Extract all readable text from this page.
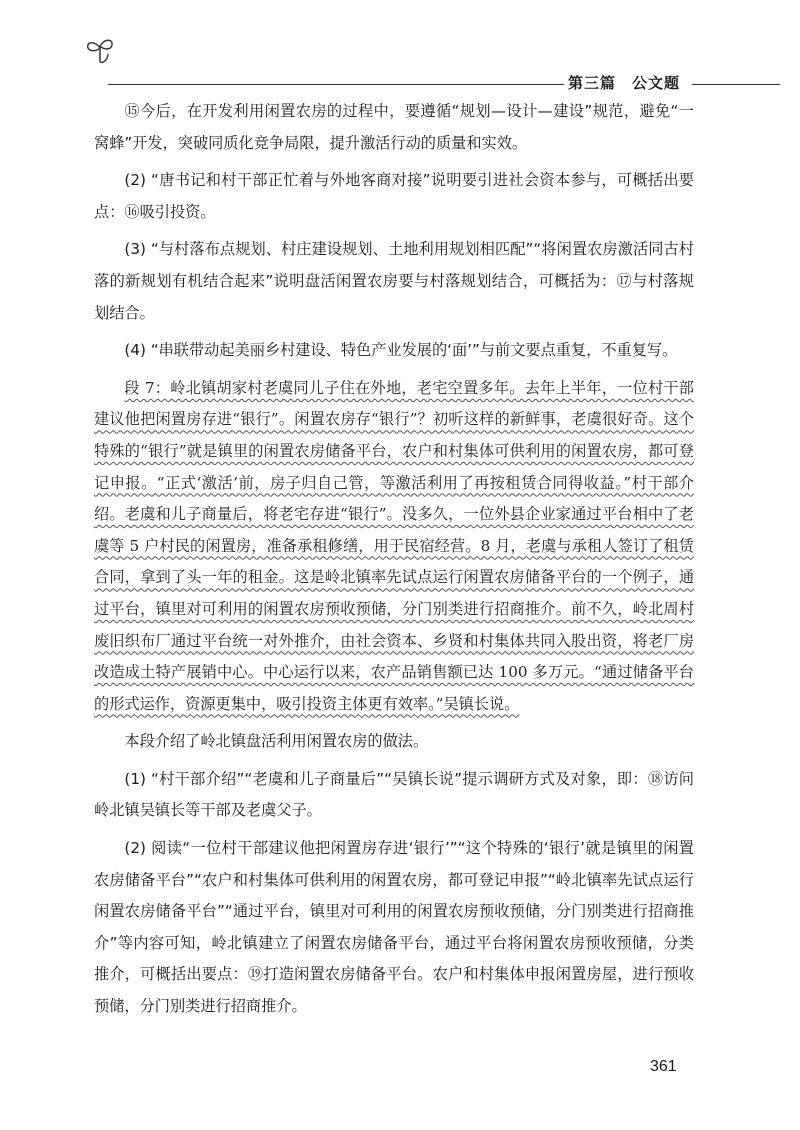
第三篇　公文题

⑮今后，在开发利用闲置农房的过程中，要遵循“规划—设计—建设”规范，避免“一窝蜂”开发，突破同质化竞争局限，提升激活行动的质量和实效。

(2) “唐书记和村干部正忙着与外地客商对接”说明要引进社会资本参与，可概括出要点：⑯吸引投资。

(3) “与村落布点规划、村庄建设规划、土地利用规划相匹配”“将闲置农房激活同古村落的新规划有机结合起来”说明盘活闲置农房要与村落规划结合，可概括为：⑰与村落规划结合。

(4) “串联带动起美丽乡村建设、特色产业发展的‘面’”与前文要点重复，不重复写。

段 7：岭北镇胡家村老虞同儿子住在外地，老宅空置多年。去年上半年，一位村干部建议他把闲置房存进“银行”。闲置农房存“银行”？初听这样的新鲜事，老虞很好奇。这个特殊的“银行”就是镇里的闲置农房储备平台，农户和村集体可供利用的闲置农房，都可登记申报。“正式‘激活’前，房子归自己管，等激活利用了再按租赁合同得收益。”村干部介绍。老虞和儿子商量后，将老宅存进“银行”。没多久，一位外县企业家通过平台相中了老虞等 5 户村民的闲置房，准备承租修缮，用于民宿经营。8 月，老虞与承租人签订了租赁合同，拿到了头一年的租金。这是岭北镇率先试点运行闲置农房储备平台的一个例子，通过平台，镇里对可利用的闲置农房预收预储，分门别类进行招商推介。前不久，岭北周村废旧织布厂通过平台统一对外推介，由社会资本、乡贤和村集体共同入股出资，将老厂房改造成土特产展销中心。中心运行以来，农产品销售额已达 100 多万元。“通过储备平台的形式运作，资源更集中，吸引投资主体更有效率。”吴镇长说。

本段介绍了岭北镇盘活利用闲置农房的做法。

(1) “村干部介绍”“老虞和儿子商量后”“吴镇长说”提示调研方式及对象，即：⑱访问岭北镇吴镇长等干部及老虞父子。

(2) 阅读“一位村干部建议他把闲置房存进‘银行’”“这个特殊的‘银行’就是镇里的闲置农房储备平台”“农户和村集体可供利用的闲置农房，都可登记申报”“岭北镇率先试点运行闲置农房储备平台”“通过平台，镇里对可利用的闲置农房预收预储，分门别类进行招商推介”等内容可知，岭北镇建立了闲置农房储备平台，通过平台将闲置农房预收预储，分类推介，可概括出要点：⑲打造闲置农房储备平台。农户和村集体申报闲置房屋，进行预收预储，分门别类进行招商推介。

361
